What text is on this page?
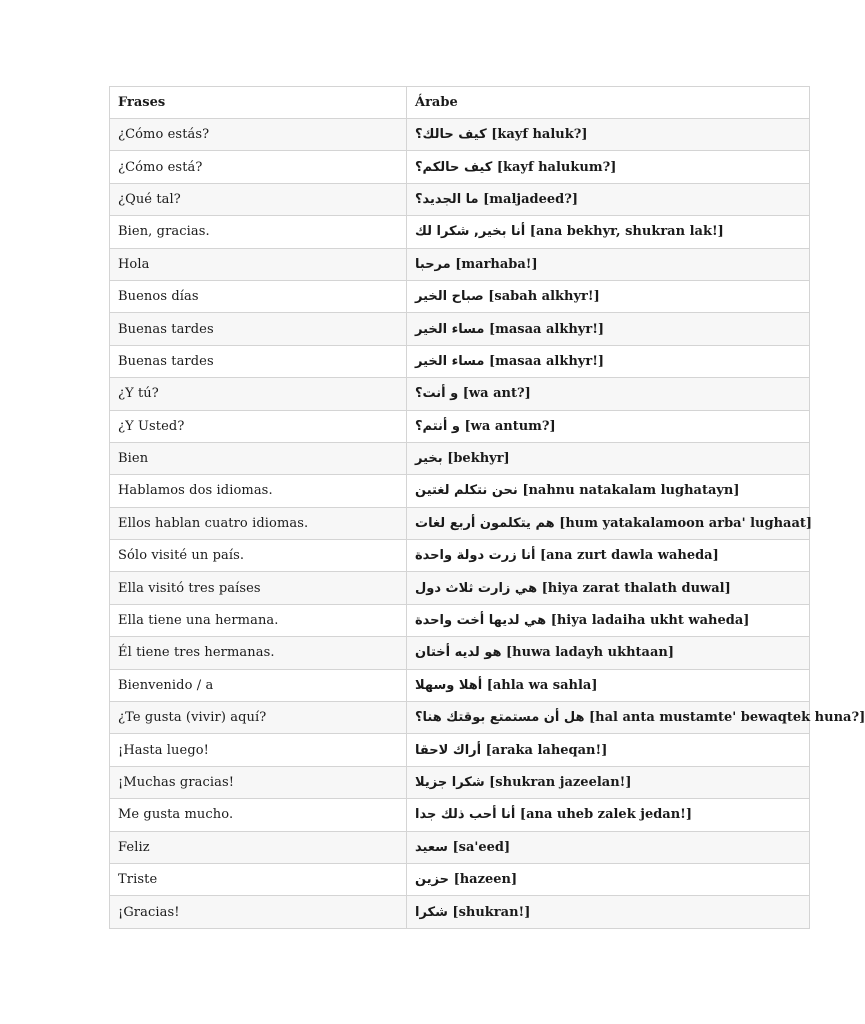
Frases	Árabe
¿Cómo estás?	كيف حالك؟ [kayf haluk?]
¿Cómo está?	كيف حالكم؟ [kayf halukum?]
¿Qué tal?	ما الجديد؟ [maljadeed?]
Bien, gracias.	أنا بخير, شكرا لك [ana bekhyr, shukran lak!]
Hola	مرحبا [marhaba!]
Buenos días	صباح الخير [sabah alkhyr!]
Buenas tardes	مساء الخير [masaa alkhyr!]
Buenas tardes	مساء الخير [masaa alkhyr!]
¿Y tú?	و أنت؟ [wa ant?]
¿Y Usted?	و أنتم؟ [wa antum?]
Bien	بخير [bekhyr]
Hablamos dos idiomas.	نحن نتكلم لغتين [nahnu natakalam lughatayn]
Ellos hablan cuatro idiomas.	هم يتكلمون أربع لغات [hum yatakalamoon arba' lughaat]
Sólo visité un país.	أنا زرت دولة واحدة [ana zurt dawla waheda]
Ella visitó tres países	هي زارت ثلاث دول [hiya zarat thalath duwal]
Ella tiene una hermana.	هي لديها أخت واحدة [hiya ladaiha ukht waheda]
Él tiene tres hermanas.	هو لديه أختان [huwa ladayh ukhtaan]
Bienvenido / a	أهلا وسهلا [ahla wa sahla]
¿Te gusta (vivir) aquí?	هل أن مستمتع بوقتك هنا؟ [hal anta mustamte' bewaqtek huna?]
¡Hasta luego!	أراك لاحقا [araka laheqan!]
¡Muchas gracias!	شكرا جزيلا [shukran jazeelan!]
Me gusta mucho.	أنا أحب ذلك جدا [ana uheb zalek jedan!]
Feliz	سعيد [sa'eed]
Triste	حزين [hazeen]
¡Gracias!	شكرا [shukran!]
